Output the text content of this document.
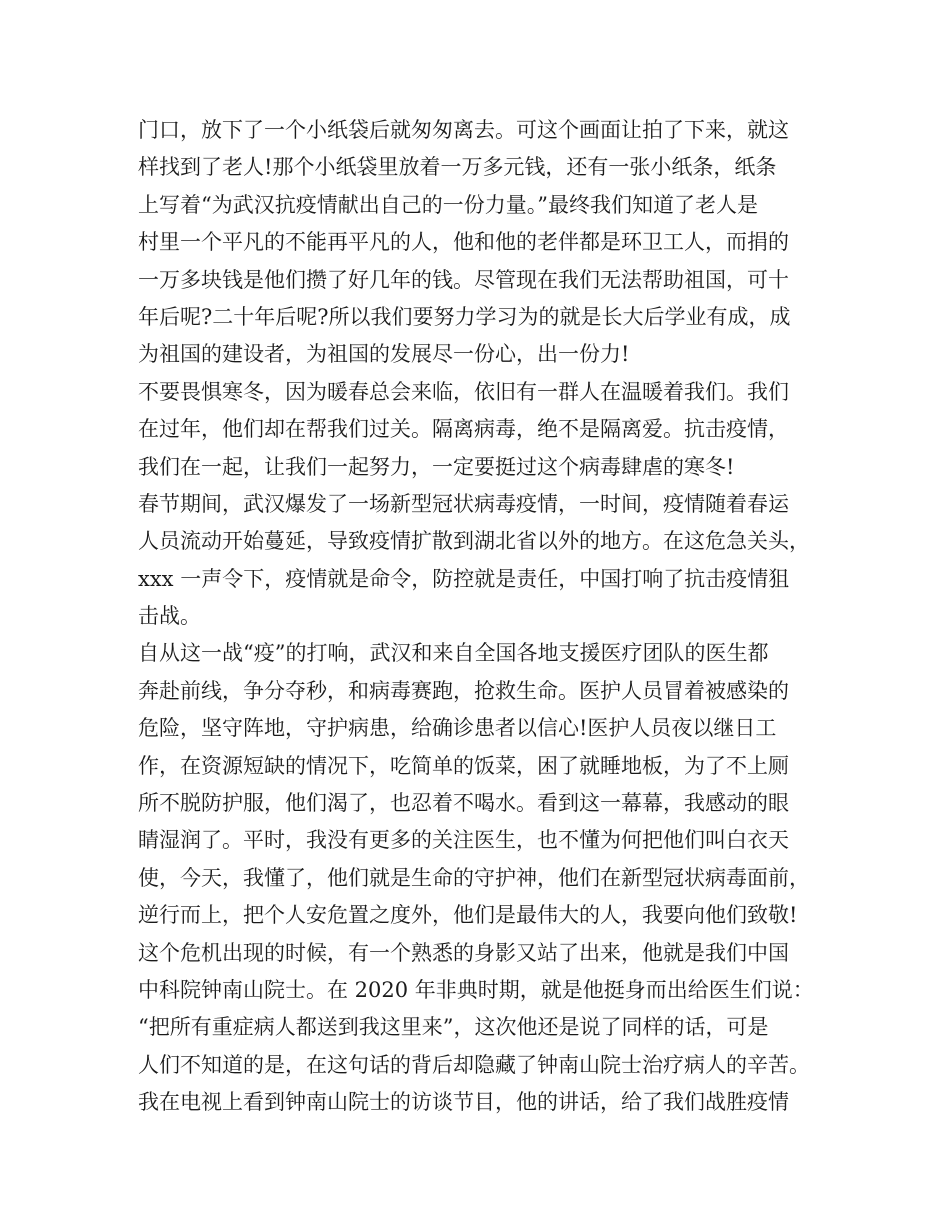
门口，放下了一个小纸袋后就匆匆离去。可这个画面让拍了下来，就这
样找到了老人!那个小纸袋里放着一万多元钱，还有一张小纸条，纸条
上写着“为武汉抗疫情献出自己的一份力量。”最终我们知道了老人是
村里一个平凡的不能再平凡的人，他和他的老伴都是环卫工人，而捐的
一万多块钱是他们攒了好几年的钱。尽管现在我们无法帮助祖国，可十
年后呢?二十年后呢?所以我们要努力学习为的就是长大后学业有成，成
为祖国的建设者，为祖国的发展尽一份心，出一份力!
不要畏惧寒冬，因为暖春总会来临，依旧有一群人在温暖着我们。我们
在过年，他们却在帮我们过关。隔离病毒，绝不是隔离爱。抗击疫情，
我们在一起，让我们一起努力，一定要挺过这个病毒肆虐的寒冬!
春节期间，武汉爆发了一场新型冠状病毒疫情，一时间，疫情随着春运
人员流动开始蔓延，导致疫情扩散到湖北省以外的地方。在这危急关头，
xxx 一声令下，疫情就是命令，防控就是责任，中国打响了抗击疫情狙
击战。
自从这一战“疫”的打响，武汉和来自全国各地支援医疗团队的医生都
奔赴前线，争分夺秒，和病毒赛跑，抢救生命。医护人员冒着被感染的
危险，坚守阵地，守护病患，给确诊患者以信心!医护人员夜以继日工
作，在资源短缺的情况下，吃简单的饭菜，困了就睡地板，为了不上厕
所不脱防护服，他们渴了，也忍着不喝水。看到这一幕幕，我感动的眼
睛湿润了。平时，我没有更多的关注医生，也不懂为何把他们叫白衣天
使，今天，我懂了，他们就是生命的守护神，他们在新型冠状病毒面前，
逆行而上，把个人安危置之度外，他们是最伟大的人，我要向他们致敬!
这个危机出现的时候，有一个熟悉的身影又站了出来，他就是我们中国
中科院钟南山院士。在 2020 年非典时期，就是他挺身而出给医生们说：
“把所有重症病人都送到我这里来”，这次他还是说了同样的话，可是
人们不知道的是，在这句话的背后却隐藏了钟南山院士治疗病人的辛苦。
我在电视上看到钟南山院士的访谈节目，他的讲话，给了我们战胜疫情
